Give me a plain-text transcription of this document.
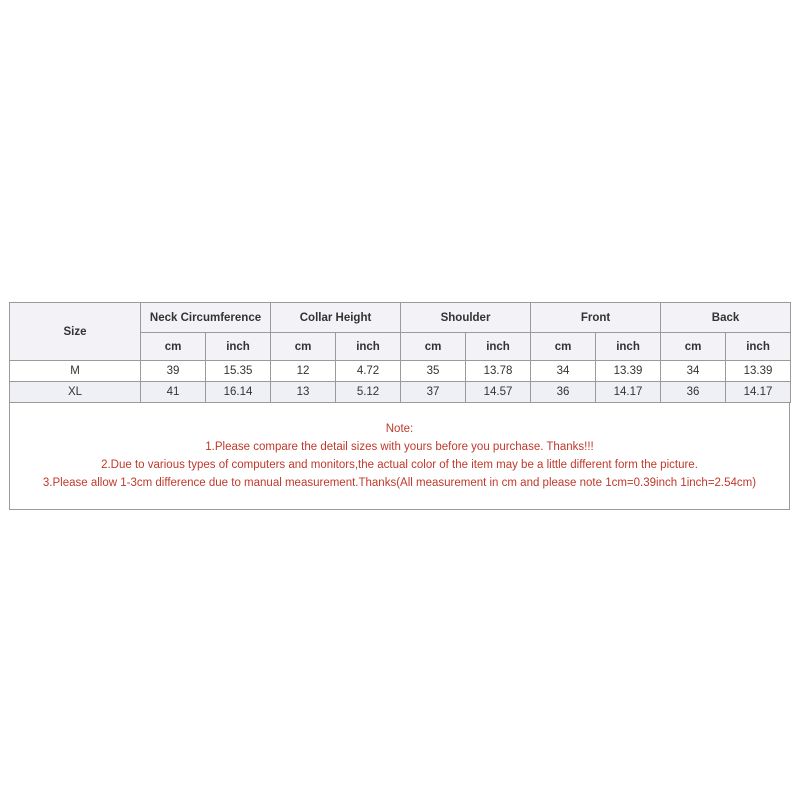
Size	Neck Circumference		Collar Height		Shoulder		Front		Back	
	cm	inch	cm	inch	cm	inch	cm	inch	cm	inch
M	39	15.35	12	4.72	35	13.78	34	13.39	34	13.39
XL	41	16.14	13	5.12	37	14.57	36	14.17	36	14.17
Note:
1.Please compare the detail sizes with yours before you purchase. Thanks!!!
2.Due to various types of computers and monitors,the actual color of the item may be a little different form the picture.
3.Please allow 1-3cm difference due to manual measurement.Thanks(All measurement in cm and please note 1cm=0.39inch 1inch=2.54cm)
